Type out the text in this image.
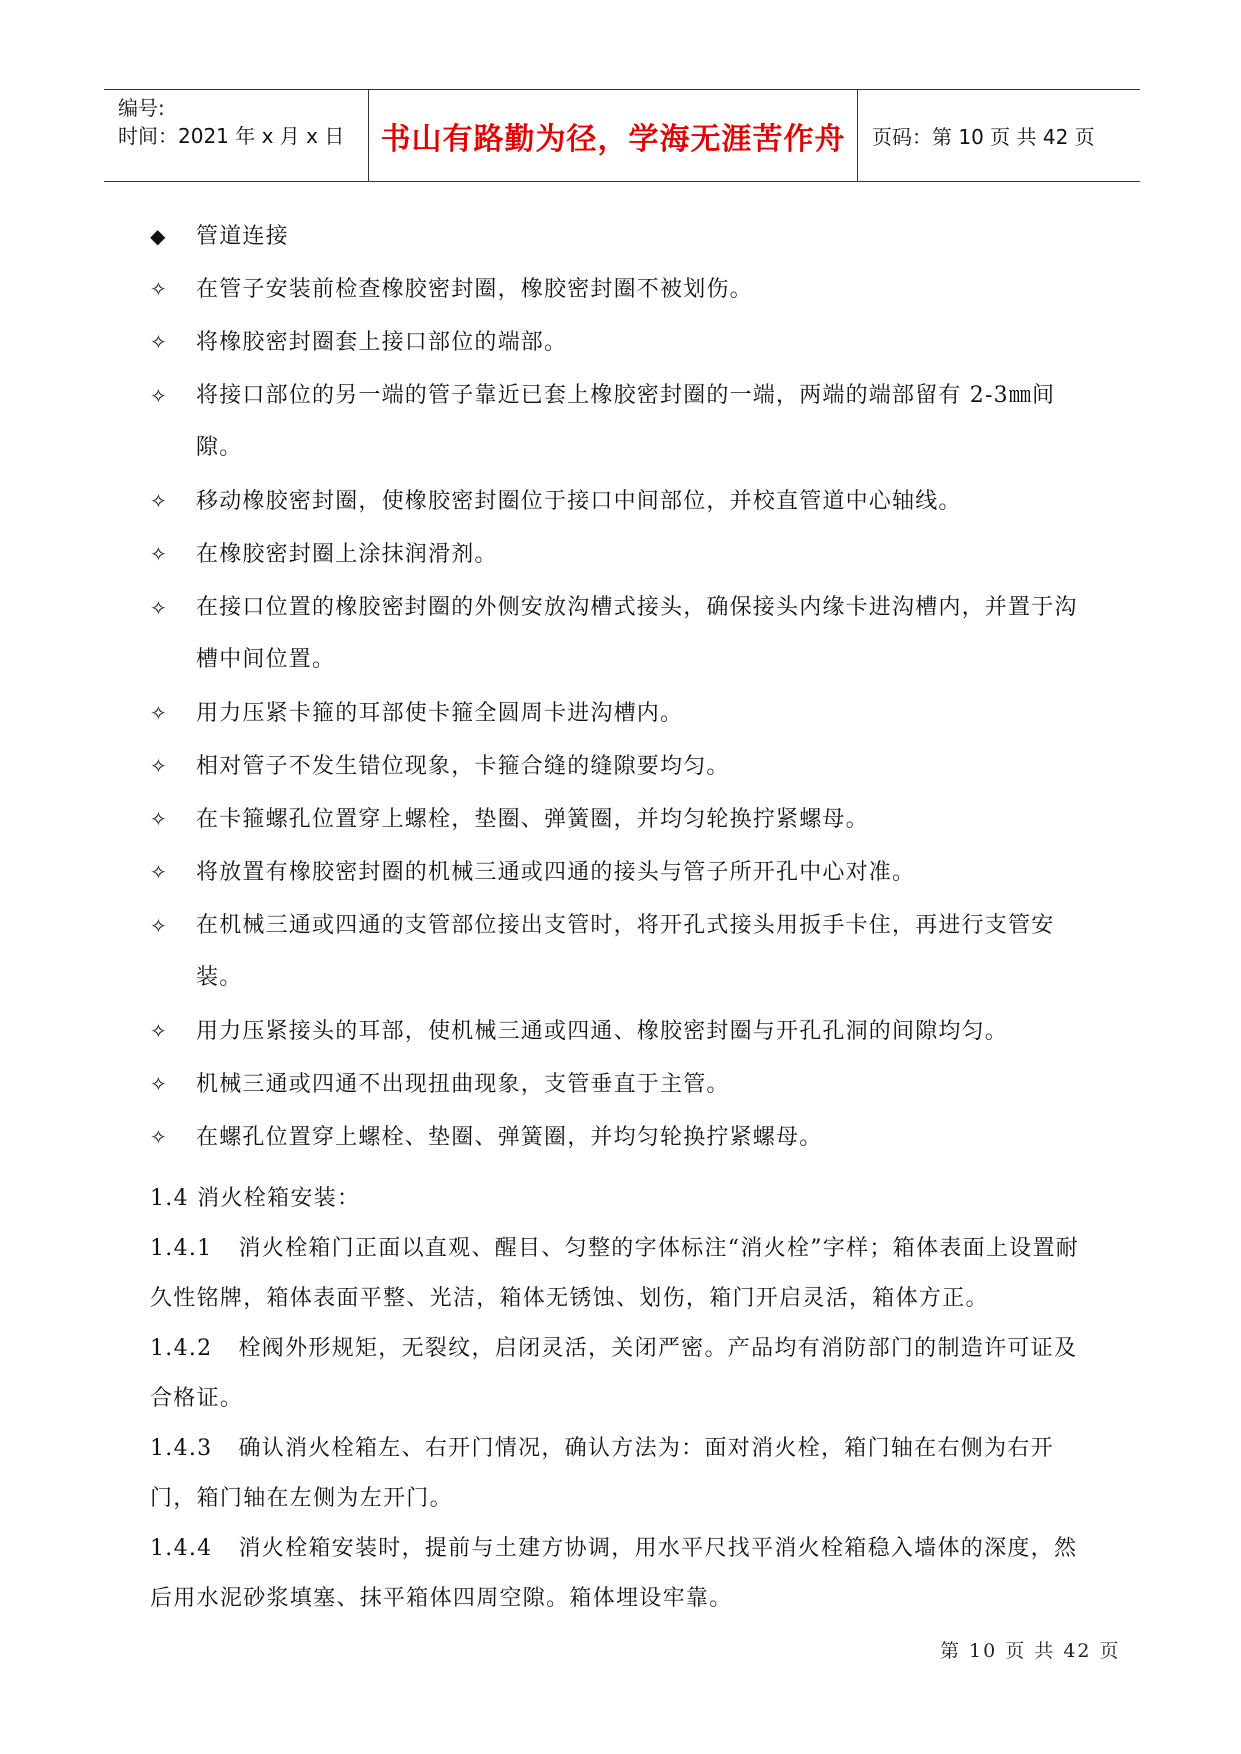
编号:
时间：2021 年 x 月 x 日	书山有路勤为径，学海无涯苦作舟	页码：第 10 页 共 42 页
◆	管道连接
✧	在管子安装前检查橡胶密封圈，橡胶密封圈不被划伤。
✧	将橡胶密封圈套上接口部位的端部。
✧	将接口部位的另一端的管子靠近已套上橡胶密封圈的一端，两端的端部留有 2-3㎜间隙。
✧	移动橡胶密封圈，使橡胶密封圈位于接口中间部位，并校直管道中心轴线。
✧	在橡胶密封圈上涂抹润滑剂。
✧	在接口位置的橡胶密封圈的外侧安放沟槽式接头，确保接头内缘卡进沟槽内，并置于沟槽中间位置。
✧	用力压紧卡箍的耳部使卡箍全圆周卡进沟槽内。
✧	相对管子不发生错位现象，卡箍合缝的缝隙要均匀。
✧	在卡箍螺孔位置穿上螺栓，垫圈、弹簧圈，并均匀轮换拧紧螺母。
✧	将放置有橡胶密封圈的机械三通或四通的接头与管子所开孔中心对准。
✧	在机械三通或四通的支管部位接出支管时，将开孔式接头用扳手卡住，再进行支管安装。
✧	用力压紧接头的耳部，使机械三通或四通、橡胶密封圈与开孔孔洞的间隙均匀。
✧	机械三通或四通不出现扭曲现象，支管垂直于主管。
✧	在螺孔位置穿上螺栓、垫圈、弹簧圈，并均匀轮换拧紧螺母。

1.4 消火栓箱安装：

1.4.1 消火栓箱门正面以直观、醒目、匀整的字体标注“消火栓”字样；箱体表面上设置耐久性铭牌，箱体表面平整、光洁，箱体无锈蚀、划伤，箱门开启灵活，箱体方正。

1.4.2 栓阀外形规矩，无裂纹，启闭灵活，关闭严密。产品均有消防部门的制造许可证及合格证。

1.4.3 确认消火栓箱左、右开门情况，确认方法为：面对消火栓，箱门轴在右侧为右开门，箱门轴在左侧为左开门。

1.4.4 消火栓箱安装时，提前与土建方协调，用水平尺找平消火栓箱稳入墙体的深度，然后用水泥砂浆填塞、抹平箱体四周空隙。箱体埋设牢靠。

第 10 页 共 42 页
